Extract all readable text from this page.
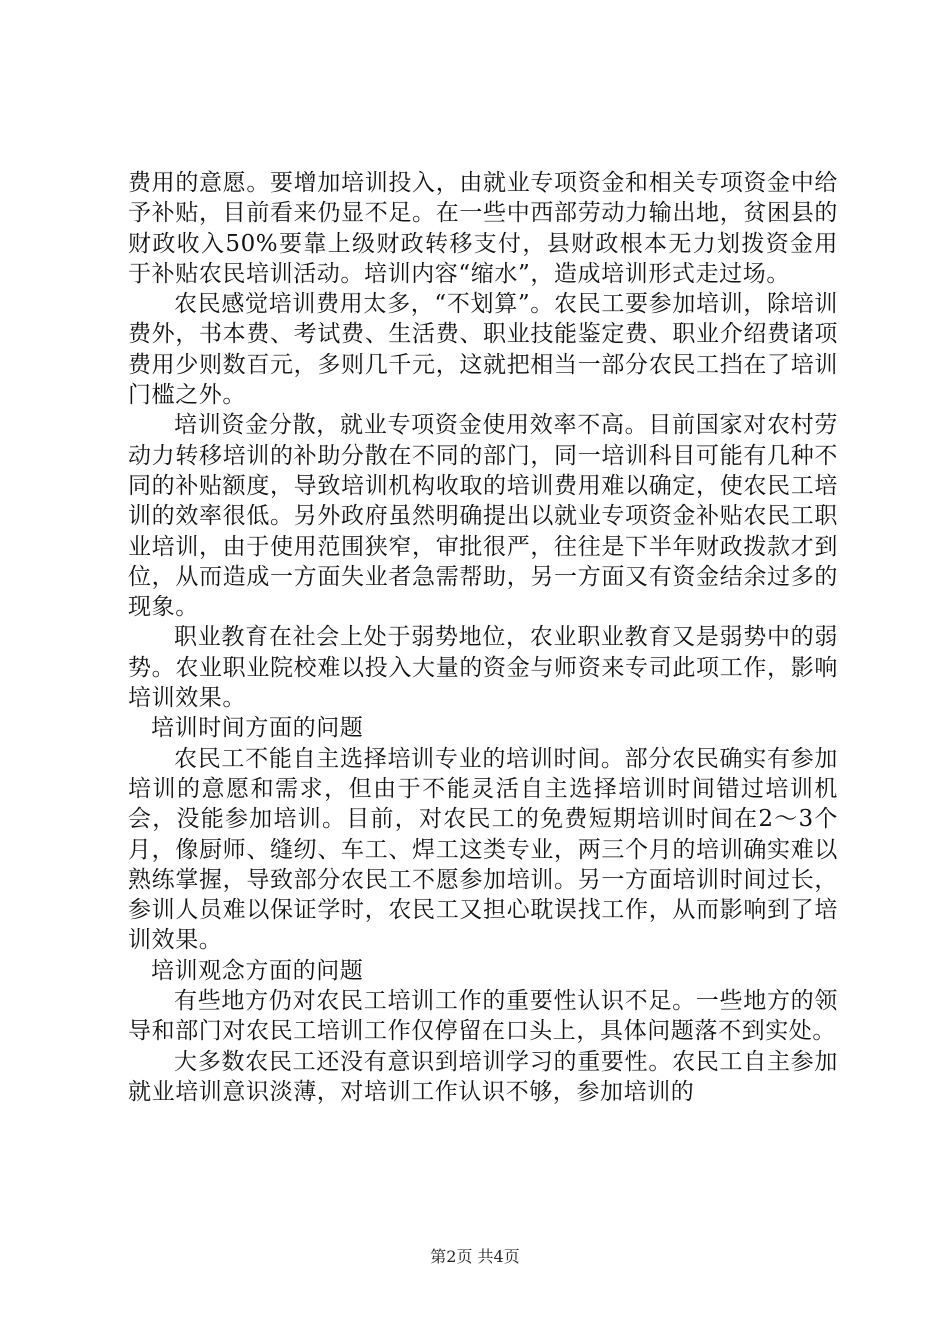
费用的意愿。要增加培训投入，由就业专项资金和相关专项资金中给予补贴，目前看来仍显不足。在一些中西部劳动力输出地，贫困县的财政收入50%要靠上级财政转移支付，县财政根本无力划拨资金用于补贴农民培训活动。培训内容“缩水”，造成培训形式走过场。

农民感觉培训费用太多，“不划算”。农民工要参加培训，除培训费外，书本费、考试费、生活费、职业技能鉴定费、职业介绍费诸项费用少则数百元，多则几千元，这就把相当一部分农民工挡在了培训门槛之外。

培训资金分散，就业专项资金使用效率不高。目前国家对农村劳动力转移培训的补助分散在不同的部门，同一培训科目可能有几种不同的补贴额度，导致培训机构收取的培训费用难以确定，使农民工培训的效率很低。另外政府虽然明确提出以就业专项资金补贴农民工职业培训，由于使用范围狭窄，审批很严，往往是下半年财政拨款才到位，从而造成一方面失业者急需帮助，另一方面又有资金结余过多的现象。

职业教育在社会上处于弱势地位，农业职业教育又是弱势中的弱势。农业职业院校难以投入大量的资金与师资来专司此项工作，影响培训效果。

培训时间方面的问题

农民工不能自主选择培训专业的培训时间。部分农民确实有参加培训的意愿和需求，但由于不能灵活自主选择培训时间错过培训机会，没能参加培训。目前，对农民工的免费短期培训时间在2～3个月，像厨师、缝纫、车工、焊工这类专业，两三个月的培训确实难以熟练掌握，导致部分农民工不愿参加培训。另一方面培训时间过长，参训人员难以保证学时，农民工又担心耽误找工作，从而影响到了培训效果。

培训观念方面的问题

有些地方仍对农民工培训工作的重要性认识不足。一些地方的领导和部门对农民工培训工作仅停留在口头上，具体问题落不到实处。

大多数农民工还没有意识到培训学习的重要性。农民工自主参加就业培训意识淡薄，对培训工作认识不够，参加培训的

第2页 共4页
